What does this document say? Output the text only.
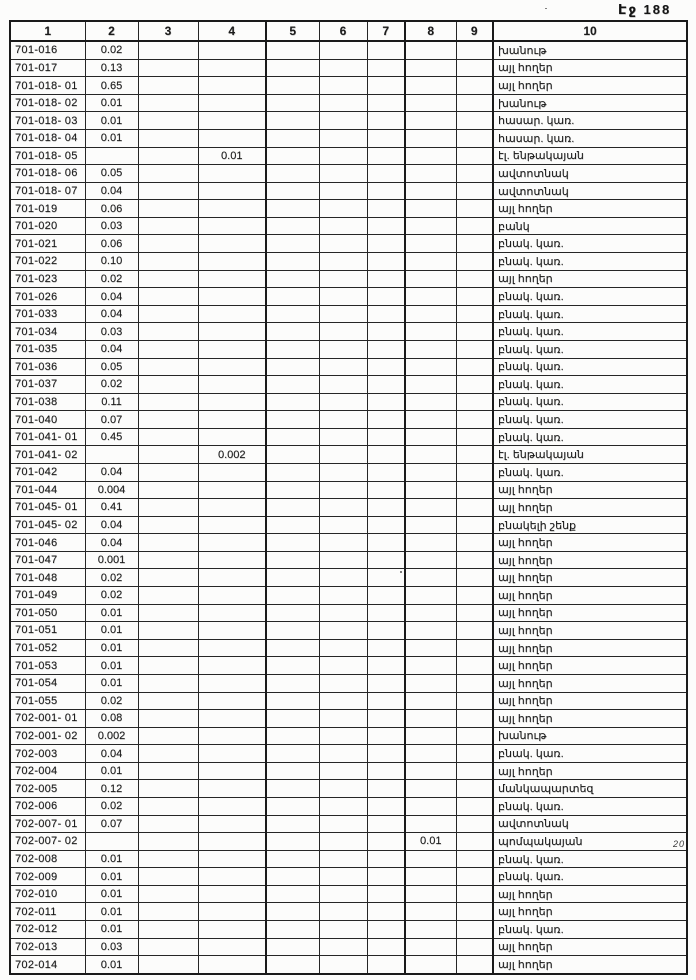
Էջ 188
1	2	3	4	5	6	7	8	9	10
701-016	0.02								խանութ
701-017	0.13								այլ հողեր
701-018- 01	0.65								այլ հողեր
701-018- 02	0.01								խանութ
701-018- 03	0.01								հասար. կառ.
701-018- 04	0.01								հասար. կառ.
701-018- 05			0.01						էլ. ենթակայան
701-018- 06	0.05								ավտոտնակ
701-018- 07	0.04								ավտոտնակ
701-019	0.06								այլ հողեր
701-020	0.03								բանկ
701-021	0.06								բնակ. կառ.
701-022	0.10								բնակ. կառ.
701-023	0.02								այլ հողեր
701-026	0.04								բնակ. կառ.
701-033	0.04								բնակ. կառ.
701-034	0.03								բնակ. կառ.
701-035	0.04								բնակ. կառ.
701-036	0.05								բնակ. կառ.
701-037	0.02								բնակ. կառ.
701-038	0.11								բնակ. կառ.
701-040	0.07								բնակ. կառ.
701-041- 01	0.45								բնակ. կառ.
701-041- 02			0.002						էլ. ենթակայան
701-042	0.04								բնակ. կառ.
701-044	0.004								այլ հողեր
701-045- 01	0.41								այլ հողեր
701-045- 02	0.04								բնակելի շենք
701-046	0.04								այլ հողեր
701-047	0.001								այլ հողեր
701-048	0.02								այլ հողեր
701-049	0.02								այլ հողեր
701-050	0.01								այլ հողեր
701-051	0.01								այլ հողեր
701-052	0.01								այլ հողեր
701-053	0.01								այլ հողեր
701-054	0.01								այլ հողեր
701-055	0.02								այլ հողեր
702-001- 01	0.08								այլ հողեր
702-001- 02	0.002								խանութ
702-003	0.04								բնակ. կառ.
702-004	0.01								այլ հողեր
702-005	0.12								մանկապարտեզ
702-006	0.02								բնակ. կառ.
702-007- 01	0.07								ավտոտնակ
702-007- 02							0.01		պոմպակայան
702-008	0.01								բնակ. կառ.
702-009	0.01								բնակ. կառ.
702-010	0.01								այլ հողեր
702-011	0.01								այլ հողեր
702-012	0.01								բնակ. կառ.
702-013	0.03								այլ հողեր
702-014	0.01								այլ հողեր
20
